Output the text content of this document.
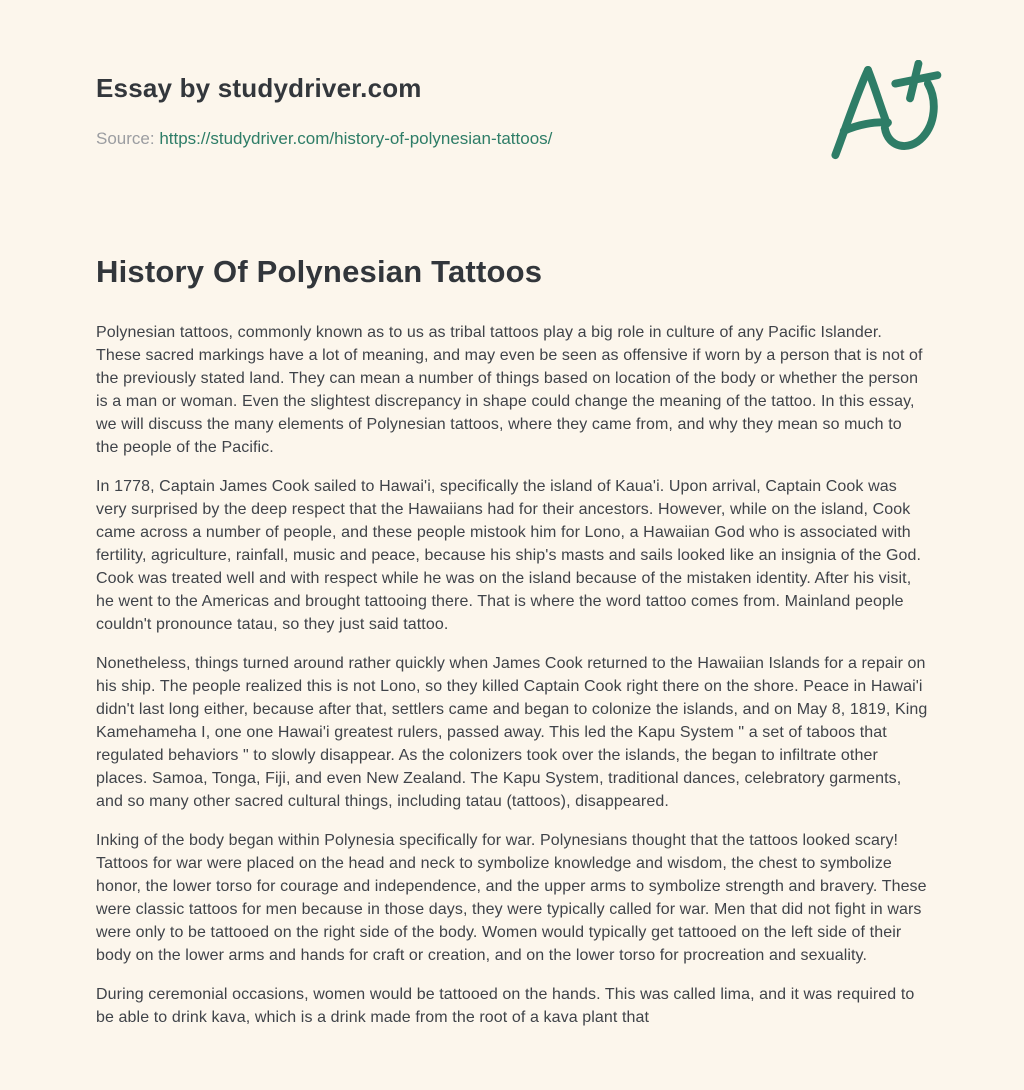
Essay by studydriver.com
Source: https://studydriver.com/history-of-polynesian-tattoos/
History Of Polynesian Tattoos

Polynesian tattoos, commonly known as to us as tribal tattoos play a big role in culture of any Pacific Islander. These sacred markings have a lot of meaning, and may even be seen as offensive if worn by a person that is not of the previously stated land. They can mean a number of things based on location of the body or whether the person is a man or woman. Even the slightest discrepancy in shape could change the meaning of the tattoo. In this essay, we will discuss the many elements of Polynesian tattoos, where they came from, and why they mean so much to the people of the Pacific.

In 1778, Captain James Cook sailed to Hawai'i, specifically the island of Kaua'i. Upon arrival, Captain Cook was very surprised by the deep respect that the Hawaiians had for their ancestors. However, while on the island, Cook came across a number of people, and these people mistook him for Lono, a Hawaiian God who is associated with fertility, agriculture, rainfall, music and peace, because his ship's masts and sails looked like an insignia of the God. Cook was treated well and with respect while he was on the island because of the mistaken identity. After his visit, he went to the Americas and brought tattooing there. That is where the word tattoo comes from. Mainland people couldn't pronounce tatau, so they just said tattoo.

Nonetheless, things turned around rather quickly when James Cook returned to the Hawaiian Islands for a repair on his ship. The people realized this is not Lono, so they killed Captain Cook right there on the shore. Peace in Hawai'i didn't last long either, because after that, settlers came and began to colonize the islands, and on May 8, 1819, King Kamehameha I, one one Hawai'i greatest rulers, passed away. This led the Kapu System " a set of taboos that regulated behaviors " to slowly disappear. As the colonizers took over the islands, the began to infiltrate other places. Samoa, Tonga, Fiji, and even New Zealand. The Kapu System, traditional dances, celebratory garments, and so many other sacred cultural things, including tatau (tattoos), disappeared.

Inking of the body began within Polynesia specifically for war. Polynesians thought that the tattoos looked scary! Tattoos for war were placed on the head and neck to symbolize knowledge and wisdom, the chest to symbolize honor, the lower torso for courage and independence, and the upper arms to symbolize strength and bravery. These were classic tattoos for men because in those days, they were typically called for war. Men that did not fight in wars were only to be tattooed on the right side of the body. Women would typically get tattooed on the left side of their body on the lower arms and hands for craft or creation, and on the lower torso for procreation and sexuality.

During ceremonial occasions, women would be tattooed on the hands. This was called lima, and it was required to be able to drink kava, which is a drink made from the root of a kava plant that
